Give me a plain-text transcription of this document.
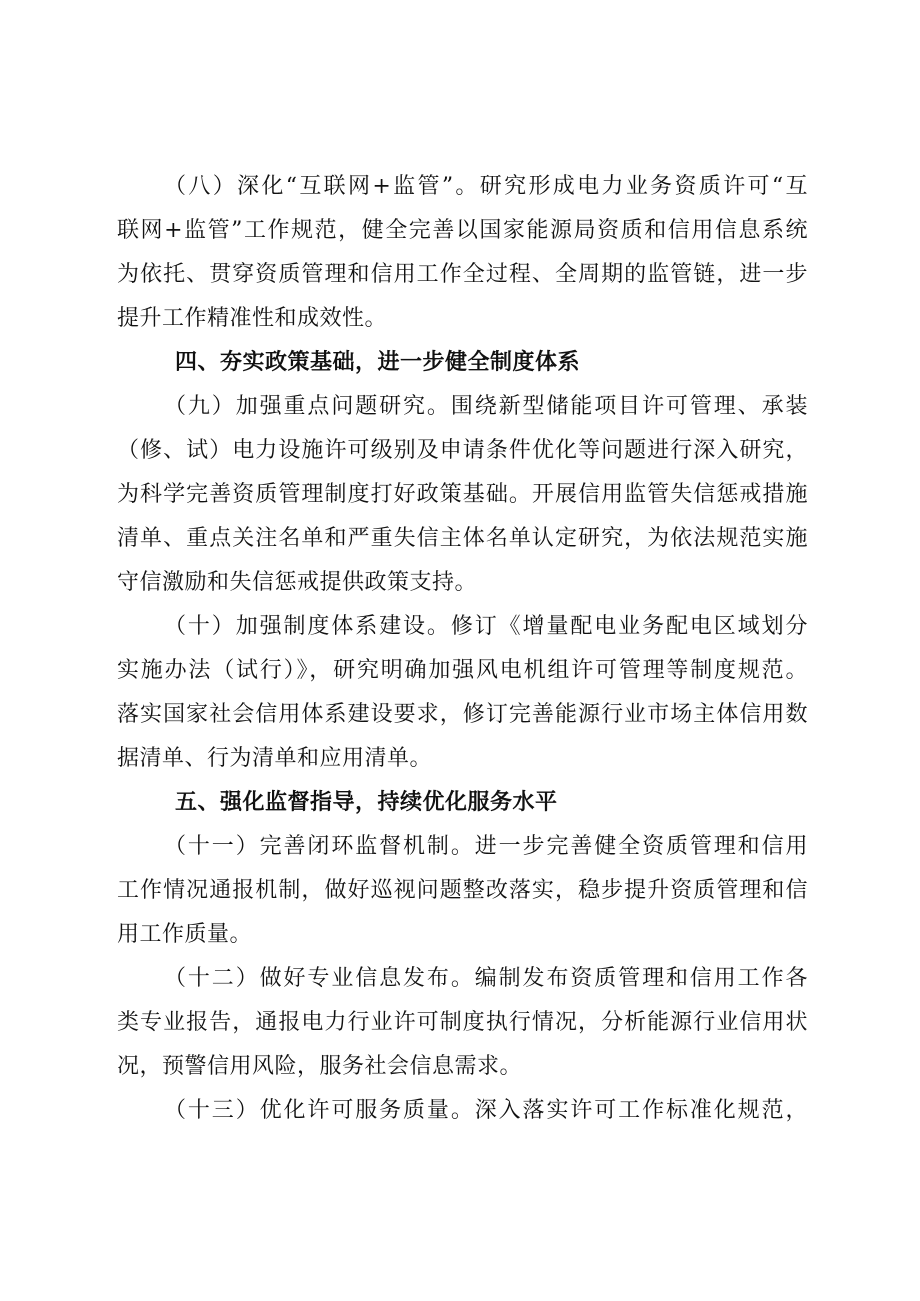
（八）深化“互联网+监管”。研究形成电力业务资质许可“互
联网+监管”工作规范，健全完善以国家能源局资质和信用信息系统
为依托、贯穿资质管理和信用工作全过程、全周期的监管链，进一步
提升工作精准性和成效性。
四、夯实政策基础，进一步健全制度体系
（九）加强重点问题研究。围绕新型储能项目许可管理、承装
（修、试）电力设施许可级别及申请条件优化等问题进行深入研究，
为科学完善资质管理制度打好政策基础。开展信用监管失信惩戒措施
清单、重点关注名单和严重失信主体名单认定研究，为依法规范实施
守信激励和失信惩戒提供政策支持。
（十）加强制度体系建设。修订《增量配电业务配电区域划分
实施办法（试行）》，研究明确加强风电机组许可管理等制度规范。
落实国家社会信用体系建设要求，修订完善能源行业市场主体信用数
据清单、行为清单和应用清单。
五、强化监督指导，持续优化服务水平
（十一）完善闭环监督机制。进一步完善健全资质管理和信用
工作情况通报机制，做好巡视问题整改落实，稳步提升资质管理和信
用工作质量。
（十二）做好专业信息发布。编制发布资质管理和信用工作各
类专业报告，通报电力行业许可制度执行情况，分析能源行业信用状
况，预警信用风险，服务社会信息需求。
（十三）优化许可服务质量。深入落实许可工作标准化规范，
